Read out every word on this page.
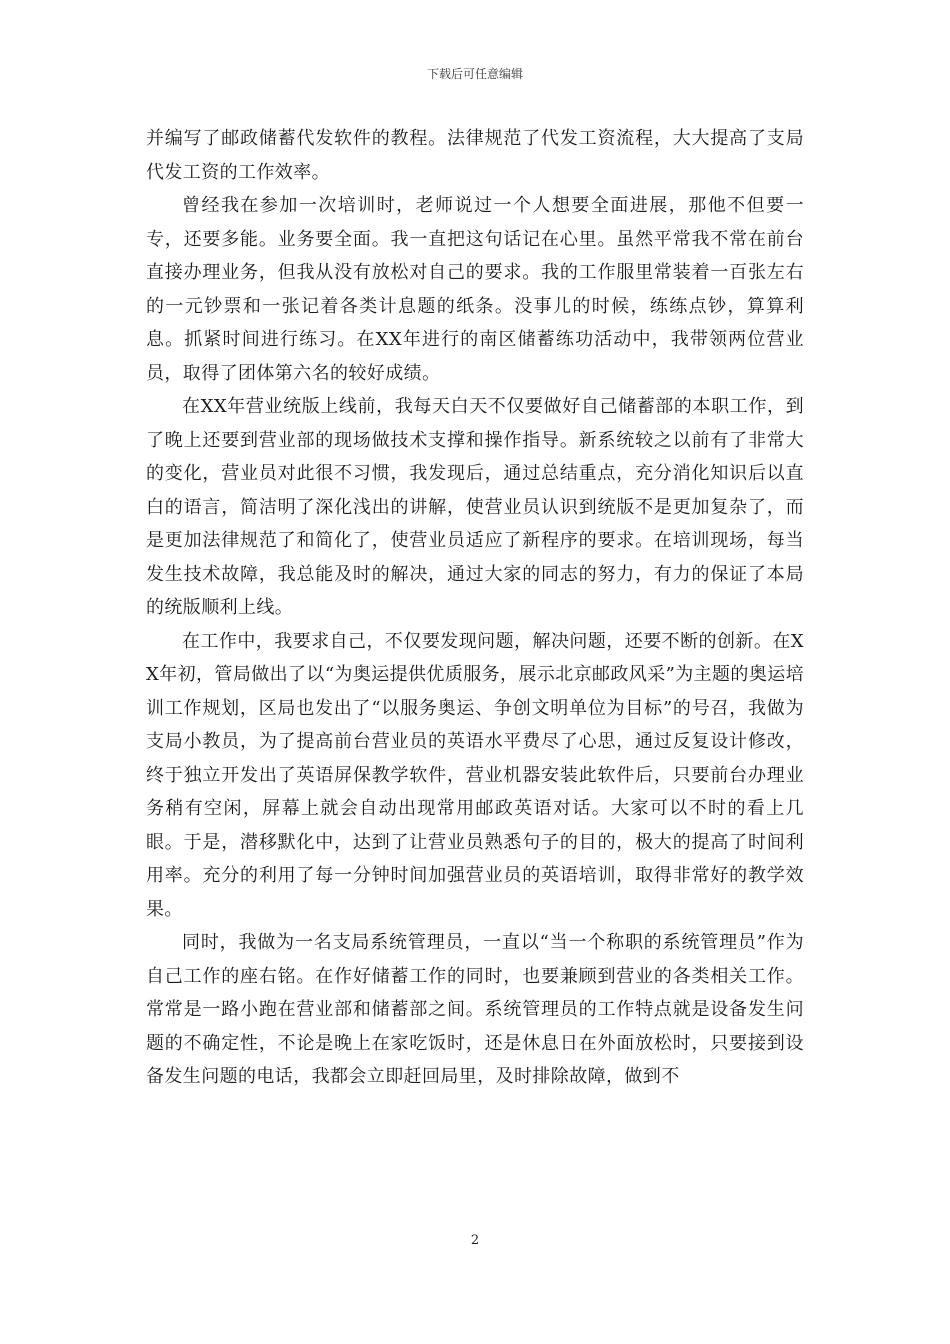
下载后可任意编辑

并编写了邮政储蓄代发软件的教程。法律规范了代发工资流程，大大提高了支局代发工资的工作效率。

曾经我在参加一次培训时，老师说过一个人想要全面进展，那他不但要一专，还要多能。业务要全面。我一直把这句话记在心里。虽然平常我不常在前台直接办理业务，但我从没有放松对自己的要求。我的工作服里常装着一百张左右的一元钞票和一张记着各类计息题的纸条。没事儿的时候，练练点钞，算算利息。抓紧时间进行练习。在XX年进行的南区储蓄练功活动中，我带领两位营业员，取得了团体第六名的较好成绩。

在XX年营业统版上线前，我每天白天不仅要做好自己储蓄部的本职工作，到了晚上还要到营业部的现场做技术支撑和操作指导。新系统较之以前有了非常大的变化，营业员对此很不习惯，我发现后，通过总结重点，充分消化知识后以直白的语言，简洁明了深化浅出的讲解，使营业员认识到统版不是更加复杂了，而是更加法律规范了和简化了，使营业员适应了新程序的要求。在培训现场，每当发生技术故障，我总能及时的解决，通过大家的同志的努力，有力的保证了本局的统版顺利上线。

在工作中，我要求自己，不仅要发现问题，解决问题，还要不断的创新。在XX年初，管局做出了以“为奥运提供优质服务，展示北京邮政风采”为主题的奥运培训工作规划，区局也发出了“以服务奥运、争创文明单位为目标”的号召，我做为支局小教员，为了提高前台营业员的英语水平费尽了心思，通过反复设计修改，终于独立开发出了英语屏保教学软件，营业机器安装此软件后，只要前台办理业务稍有空闲，屏幕上就会自动出现常用邮政英语对话。大家可以不时的看上几眼。于是，潜移默化中，达到了让营业员熟悉句子的目的，极大的提高了时间利用率。充分的利用了每一分钟时间加强营业员的英语培训，取得非常好的教学效果。

同时，我做为一名支局系统管理员，一直以“当一个称职的系统管理员”作为自己工作的座右铭。在作好储蓄工作的同时，也要兼顾到营业的各类相关工作。常常是一路小跑在营业部和储蓄部之间。系统管理员的工作特点就是设备发生问题的不确定性，不论是晚上在家吃饭时，还是休息日在外面放松时，只要接到设备发生问题的电话，我都会立即赶回局里，及时排除故障，做到不

2
